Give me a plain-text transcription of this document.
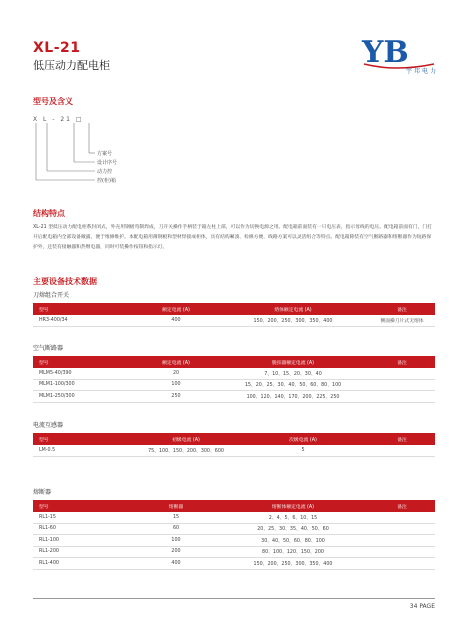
XL-21
低压动力配电柜	YB
宇邦电力
型号及含义
X L - 21 □
方案号
设计序号
动力控
控(柜)箱
结构特点
XL-21 型低压动力配电柜系封闭式，外壳用钢板弯制焊成，刀开关操作手柄装于箱左柱上部，可以作为切换电源之用。配电箱前面装有一只电压表，指示母线的电压。配电箱前面有门，门打开后配电箱内全部设备敞露，便于维修维护。本配电箱用薄钢板和型材焊接成柜体，具有结构紧凑、检修方便、线路方案可以灵活组合等特点。配电箱除装有空气断路器和熔断器作为短路保护外，还装有接触器和热继电器，同时可装操作按钮和指示灯。
主要设备技术数据
刀熔组合开关
型号	额定电流 (A)	熔体额定电流 (A)	备注
HR3-400/34	400	150、200、250、300、350、400	侧面操刀片式无熔体
空气断路器
型号	额定电流 (A)	脱扣器额定电流 (A)	备注
MLM5-40/390	20	7、10、15、20、30、40	
MLM1-100/300	100	15、20、25、30、40、50、60、80、100	
MLM1-250/300	250	100、120、140、170、200、225、250	
电流互感器
型号	初级电流 (A)	次级电流 (A)	备注
LM-0.5	75、100、150、200、300、600	5	
熔断器
型号	熔断器	熔断体额定电流 (A)	备注
RL1-15	15	2、4、5、6、10、15	
RL1-60	60	20、25、30、35、40、50、60	
RL1-100	100	30、40、50、60、80、100	
RL1-200	200	80、100、120、150、200	
RL1-400	400	150、200、250、300、350、400	
34 PAGE
